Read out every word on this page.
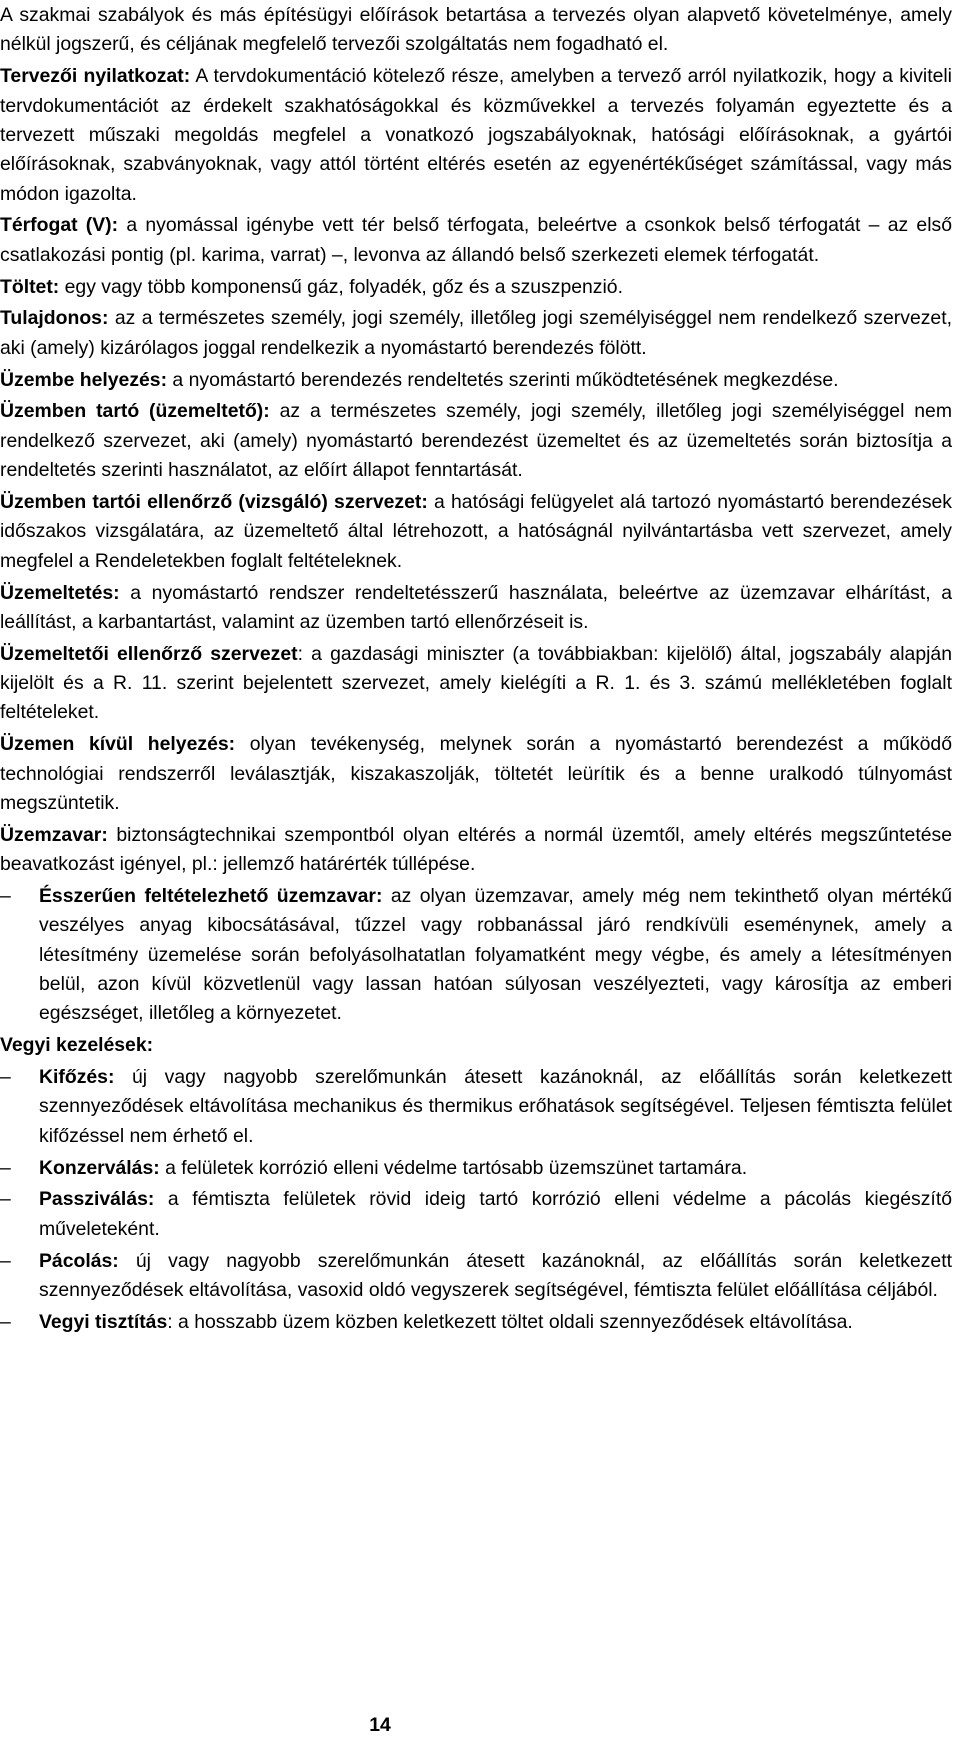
A szakmai szabályok és más építésügyi előírások betartása a tervezés olyan alapvető követelménye, amely nélkül jogszerű, és céljának megfelelő tervezői szolgáltatás nem fogadható el.

Tervezői nyilatkozat: A tervdokumentáció kötelező része, amelyben a tervező arról nyilatkozik, hogy a kiviteli tervdokumentációt az érdekelt szakhatóságokkal és közművekkel a tervezés folyamán egyeztette és a tervezett műszaki megoldás megfelel a vonatkozó jogszabályoknak, hatósági előírásoknak, a gyártói előírásoknak, szabványoknak, vagy attól történt eltérés esetén az egyenértékűséget számítással, vagy más módon igazolta.

Térfogat (V): a nyomással igénybe vett tér belső térfogata, beleértve a csonkok belső térfogatát – az első csatlakozási pontig (pl. karima, varrat) –, levonva az állandó belső szerkezeti elemek térfogatát.

Töltet: egy vagy több komponensű gáz, folyadék, gőz és a szuszpenzió.

Tulajdonos: az a természetes személy, jogi személy, illetőleg jogi személyiséggel nem rendelkező szervezet, aki (amely) kizárólagos joggal rendelkezik a nyomástartó berendezés fölött.

Üzembe helyezés: a nyomástartó berendezés rendeltetés szerinti működtetésének megkezdése.

Üzemben tartó (üzemeltető): az a természetes személy, jogi személy, illetőleg jogi személyiséggel nem rendelkező szervezet, aki (amely) nyomástartó berendezést üzemeltet és az üzemeltetés során biztosítja a rendeltetés szerinti használatot, az előírt állapot fenntartását.

Üzemben tartói ellenőrző (vizsgáló) szervezet: a hatósági felügyelet alá tartozó nyomástartó berendezések időszakos vizsgálatára, az üzemeltető által létrehozott, a hatóságnál nyilvántartásba vett szervezet, amely megfelel a Rendeletekben foglalt feltételeknek.

Üzemeltetés: a nyomástartó rendszer rendeltetésszerű használata, beleértve az üzemzavar elhárítást, a leállítást, a karbantartást, valamint az üzemben tartó ellenőrzéseit is.

Üzemeltetői ellenőrző szervezet: a gazdasági miniszter (a továbbiakban: kijelölő) által, jogszabály alapján kijelölt és a R. 11. szerint bejelentett szervezet, amely kielégíti a R. 1. és 3. számú mellékletében foglalt feltételeket.

Üzemen kívül helyezés: olyan tevékenység, melynek során a nyomástartó berendezést a működő technológiai rendszerről leválasztják, kiszakaszolják, töltetét leürítik és a benne uralkodó túlnyomást megszüntetik.

Üzemzavar: biztonságtechnikai szempontból olyan eltérés a normál üzemtől, amely eltérés megszűntetése beavatkozást igényel, pl.: jellemző határérték túllépése.

–	Ésszerűen feltételezhető üzemzavar: az olyan üzemzavar, amely még nem tekinthető olyan mértékű veszélyes anyag kibocsátásával, tűzzel vagy robbanással járó rendkívüli eseménynek, amely a létesítmény üzemelése során befolyásolhatatlan folyamatként megy végbe, és amely a létesítményen belül, azon kívül közvetlenül vagy lassan hatóan súlyosan veszélyezteti, vagy károsítja az emberi egészséget, illetőleg a környezetet.

Vegyi kezelések:

–	Kifőzés: új vagy nagyobb szerelőmunkán átesett kazánoknál, az előállítás során keletkezett szennyeződések eltávolítása mechanikus és thermikus erőhatások segítségével. Teljesen fémtiszta felület kifőzéssel nem érhető el.

–	Konzerválás: a felületek korrózió elleni védelme tartósabb üzemszünet tartamára.

–	Passziválás: a fémtiszta felületek rövid ideig tartó korrózió elleni védelme a pácolás kiegészítő műveleteként.

–	Pácolás: új vagy nagyobb szerelőmunkán átesett kazánoknál, az előállítás során keletkezett szennyeződések eltávolítása, vasoxid oldó vegyszerek segítségével, fémtiszta felület előállítása céljából.

–	Vegyi tisztítás: a hosszabb üzem közben keletkezett töltet oldali szennyeződések eltávolítása.

14
